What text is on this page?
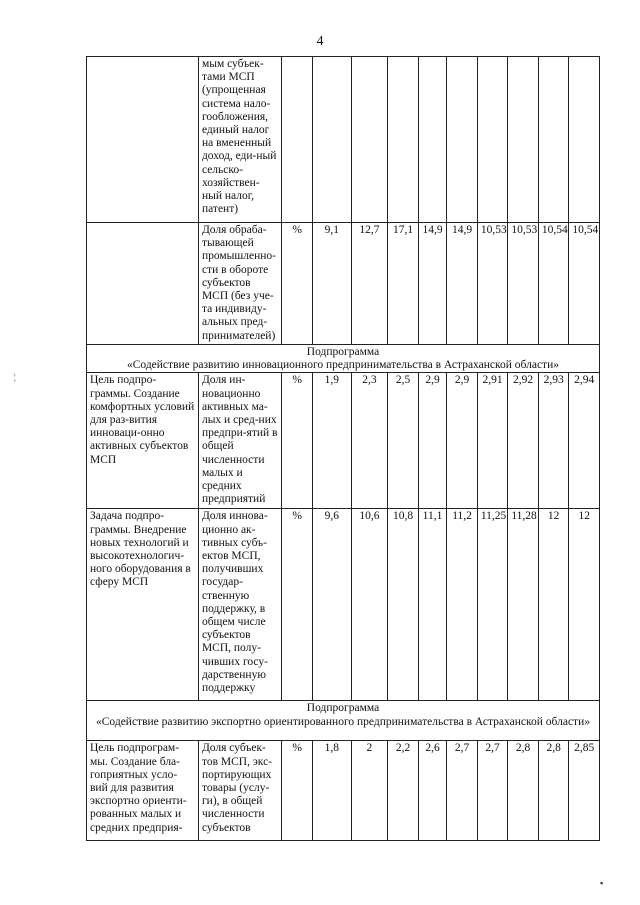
4
	мым субъек-тами МСП (упрощенная система нало-гообложения, единый налог на вмененный доход, еди-ный сельско-хозяйствен-ный налог, патент)										
	Доля обраба-тывающей промышленно-сти в обороте субъектов МСП (без уче-та индивиду-альных пред-принимателей)	%	9,1	12,7	17,1	14,9	14,9	10,53	10,53	10,54	10,54

Подпрограмма
«Содействие развитию инновационного предпринимательства в Астраханской области»											

Цель подпро-граммы. Создание комфортных условий для раз-вития инноваци-онно активных субъектов МСП	Доля ин-новационно активных ма-лых и сред-них предпри-ятий в общей численности малых и средних предприятий	%	1,9	2,3	2,5	2,9	2,9	2,91	2,92	2,93	2,94
Задача подпро-граммы. Внедрение новых технологий и высокотехнологич-ного оборудования в сферу МСП	Доля иннова-ционно ак-тивных субъ-ектов МСП, получивших государ-ственную поддержку, в общем числе субъектов МСП, полу-чивших госу-дарственную поддержку	%	9,6	10,6	10,8	11,1	11,2	11,25	11,28	12	12

Подпрограмма
«Содействие развитию экспортно ориентированного предпринимательства в Астраханской области»											

Цель подпрограм-мы. Создание бла-гоприятных усло-вий для развития экспортно ориенти-рованных малых и средних предприя-	Доля субъек-тов МСП, экс-портирующих товары (услу-ги), в общей численности субъектов	%	1,8	2	2,2	2,6	2,7	2,7	2,8	2,8	2,85
¦
▪
